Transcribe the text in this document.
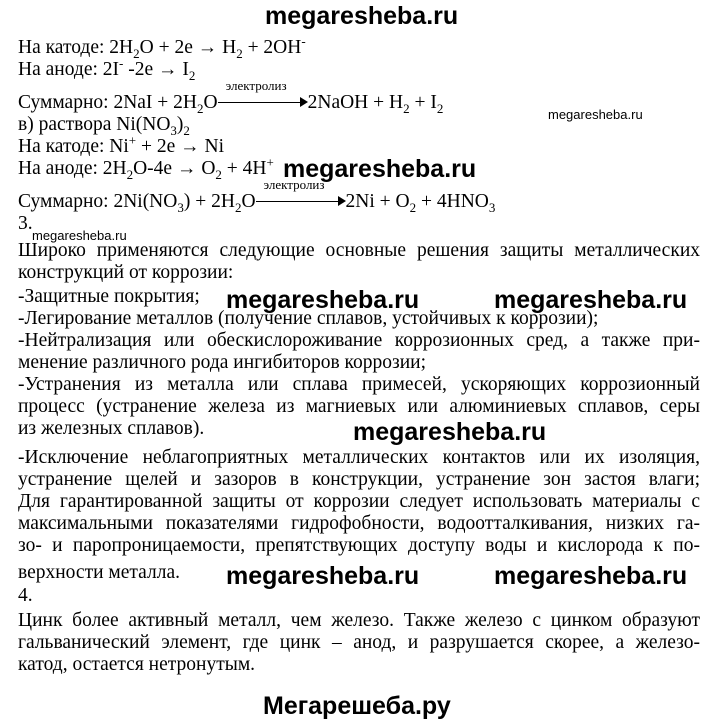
megaresheba.ru
megaresheba.ru
megaresheba.ru
megaresheba.ru
megaresheba.ru	megaresheba.ru
megaresheba.ru
megaresheba.ru	megaresheba.ru
Мегарешеба.ру
На катоде: $2H_2O + 2e \to H_2 + 2OH^-$
На аноде: 2I- $-2e \to I_2$
Суммарно: $2NaI + 2H_2O$
электролиз
2NaOH + $H_2 + I_2$
в) раствора $Ni(NO_3)_2$
На катоде: Ni+ + 2e → Ni
На аноде: $2H_2O-4e \to O_2 + 4H^+$
Суммарно: $2Ni(NO_3) + 2H_2O$
электролиз
$2Ni + O_2 + 4HNO_3$
3.
Широко применяются следующие основные решения защиты металлических
конструкций от коррозии:
-Защитные покрытия;
-Легирование металлов (получение сплавов, устойчивых к коррозии);
-Нейтрализация или обескислороживание коррозионных сред, а также при-
менение различного рода ингибиторов коррозии;
-Устранения из металла или сплава примесей, ускоряющих коррозионный
процесс (устранение железа из магниевых или алюминиевых сплавов, серы
из железных сплавов).
-Исключение неблагоприятных металлических контактов или их изоляция,
устранение щелей и зазоров в конструкции, устранение зон застоя влаги;
Для гарантированной защиты от коррозии следует использовать материалы с
максимальными показателями гидрофобности, водоотталкивания, низких га-
зо- и паропроницаемости, препятствующих доступу воды и кислорода к по-
верхности металла.
4.
Цинк более активный металл, чем железо. Также железо с цинком образуют
гальванический элемент, где цинк – анод, и разрушается скорее, а железо-
катод, остается нетронутым.
